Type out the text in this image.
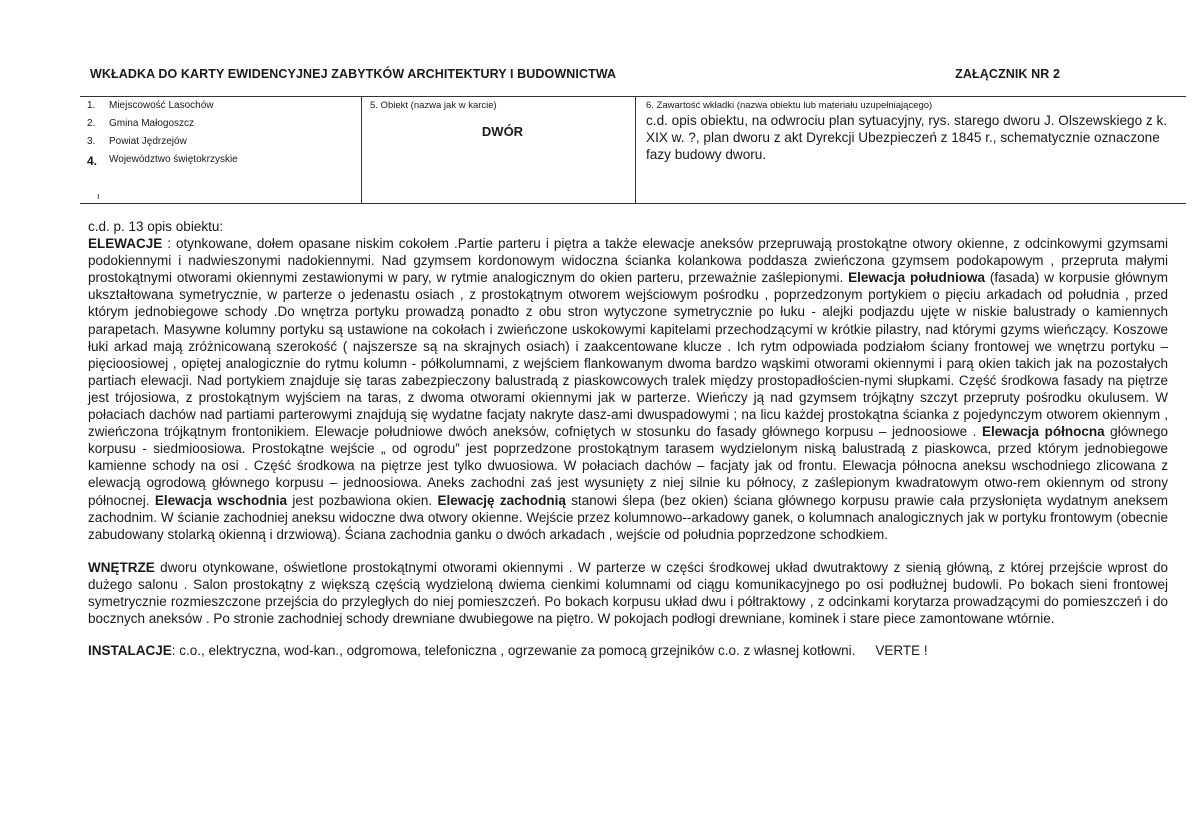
WKŁADKA DO KARTY EWIDENCYJNEJ ZABYTKÓW ARCHITEKTURY I BUDOWNICTWA	ZAŁĄCZNIK NR 2
1.	Miejscowość Lasochów
2.	Gmina Małogoszcz
3.	Powiat Jędrzejów
4.	Województwo świętokrzyskie
ı
5. Obiekt (nazwa jak w karcie)
DWÓR
6. Zawartość wkładki (nazwa obiektu lub materiału uzupełniającego)
c.d. opis obiektu, na odwrociu plan sytuacyjny, rys. starego dworu J. Olszewskiego z k. XIX w. ?, plan dworu z akt Dyrekcji Ubezpieczeń z 1845 r., schematycznie oznaczone fazy budowy dworu.

c.d. p. 13 opis obiektu:

ELEWACJE : otynkowane, dołem opasane niskim cokołem .Partie parteru i piętra a także elewacje aneksów przepruwają prostokątne otwory okienne, z odcinkowymi gzymsami podokiennymi i nadwieszonymi nadokiennymi. Nad gzymsem kordonowym widoczna ścianka kolankowa poddasza zwieńczona gzymsem podokapowym , przepruta małymi prostokątnymi otworami okiennymi zestawionymi w pary, w rytmie analogicznym do okien parteru, przeważnie zaślepionymi. Elewacja południowa (fasada) w korpusie głównym ukształtowana symetrycznie, w parterze o jedenastu osiach , z prostokątnym otworem wejściowym pośrodku , poprzedzonym portykiem o pięciu arkadach od południa , przed którym jednobiegowe schody .Do wnętrza portyku prowadzą ponadto z obu stron wytyczone symetrycznie po łuku - alejki podjazdu ujęte w niskie balustrady o kamiennych parapetach. Masywne kolumny portyku są ustawione na cokołach i zwieńczone uskokowymi kapitelami przechodzącymi w krótkie pilastry, nad którymi gzyms wieńczący. Koszowe łuki arkad mają zróżnicowaną szerokość ( najszersze są na skrajnych osiach) i zaakcentowane klucze . Ich rytm odpowiada podziałom ściany frontowej we wnętrzu portyku – pięcioosiowej , opiętej analogicznie do rytmu kolumn - półkolumnami, z wejściem flankowanym dwoma bardzo wąskimi otworami okiennymi i parą okien takich jak na pozostałych partiach elewacji. Nad portykiem znajduje się taras zabezpieczony balustradą z piaskowcowych tralek między prostopadłościen-nymi słupkami. Część środkowa fasady na piętrze jest trójosiowa, z prostokątnym wyjściem na taras, z dwoma otworami okiennymi jak w parterze. Wieńczy ją nad gzymsem trójkątny szczyt przepruty pośrodku okulusem. W połaciach dachów nad partiami parterowymi znajdują się wydatne facjaty nakryte dasz-ami dwuspadowymi ; na licu każdej prostokątna ścianka z pojedynczym otworem okiennym , zwieńczona trójkątnym frontonikiem. Elewacje południowe dwóch aneksów, cofniętych w stosunku do fasady głównego korpusu – jednoosiowe . Elewacja północna głównego korpusu - siedmioosiowa. Prostokątne wejście „ od ogrodu” jest poprzedzone prostokątnym tarasem wydzielonym niską balustradą z piaskowca, przed którym jednobiegowe kamienne schody na osi . Część środkowa na piętrze jest tylko dwuosiowa. W połaciach dachów – facjaty jak od frontu. Elewacja północna aneksu wschodniego zlicowana z elewacją ogrodową głównego korpusu – jednoosiowa. Aneks zachodni zaś jest wysunięty z niej silnie ku północy, z zaślepionym kwadratowym otwo-rem okiennym od strony północnej. Elewacja wschodnia jest pozbawiona okien. Elewację zachodnią stanowi ślepa (bez okien) ściana głównego korpusu prawie cała przysłonięta wydatnym aneksem zachodnim. W ścianie zachodniej aneksu widoczne dwa otwory okienne. Wejście przez kolumnowo--arkadowy ganek, o kolumnach analogicznych jak w portyku frontowym (obecnie zabudowany stolarką okienną i drzwiową). Ściana zachodnia ganku o dwóch arkadach , wejście od południa poprzedzone schodkiem.

WNĘTRZE dworu otynkowane, oświetlone prostokątnymi otworami okiennymi . W parterze w części środkowej układ dwutraktowy z sienią główną, z której przejście wprost do dużego salonu . Salon prostokątny z większą częścią wydzieloną dwiema cienkimi kolumnami od ciągu komunikacyjnego po osi podłużnej budowli. Po bokach sieni frontowej symetrycznie rozmieszczone przejścia do przyległych do niej pomieszczeń. Po bokach korpusu układ dwu i półtraktowy , z odcinkami korytarza prowadzącymi do pomieszczeń i do bocznych aneksów . Po stronie zachodniej schody drewniane dwubiegowe na piętro. W pokojach podłogi drewniane, kominek i stare piece zamontowane wtórnie.

INSTALACJE: c.o., elektryczna, wod-kan., odgromowa, telefoniczna , ogrzewanie za pomocą grzejników c.o. z własnej kotłowni. VERTE !
